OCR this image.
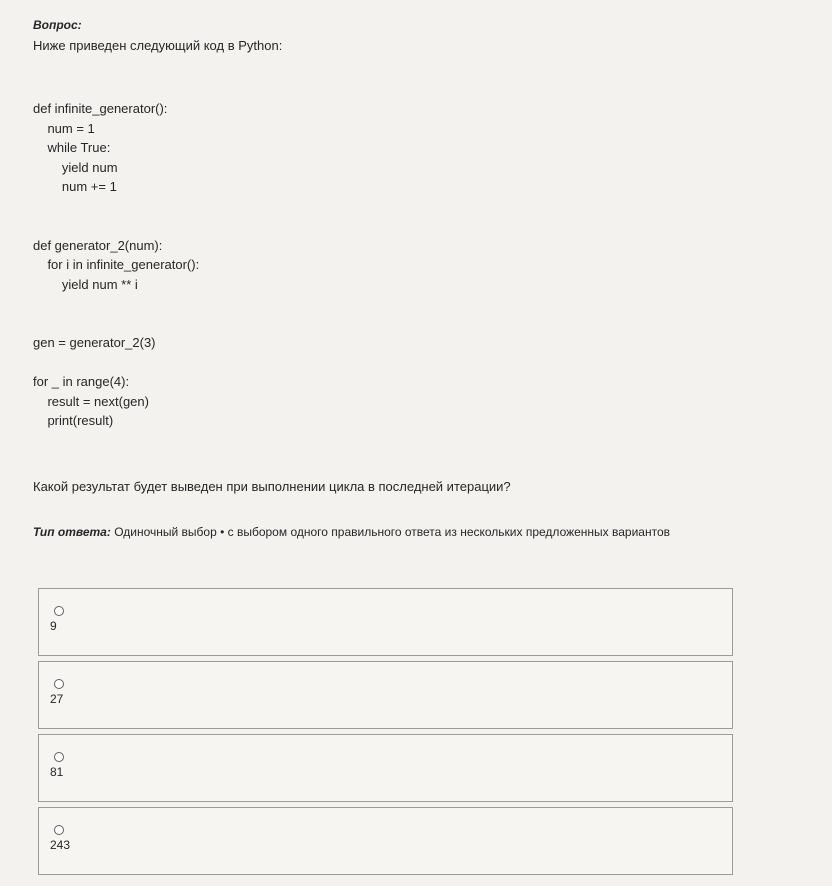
Вопрос:
Ниже приведен следующий код в Python:
def infinite_generator():
num = 1
while True:
yield num
num += 1
def generator_2(num):
for i in infinite_generator():
yield num ** i
gen = generator_2(3)
for _ in range(4):
result = next(gen)
print(result)
Какой результат будет выведен при выполнении цикла в последней итерации?
Тип ответа: Одиночный выбор • с выбором одного правильного ответа из нескольких предложенных вариантов
9
27
81
243
